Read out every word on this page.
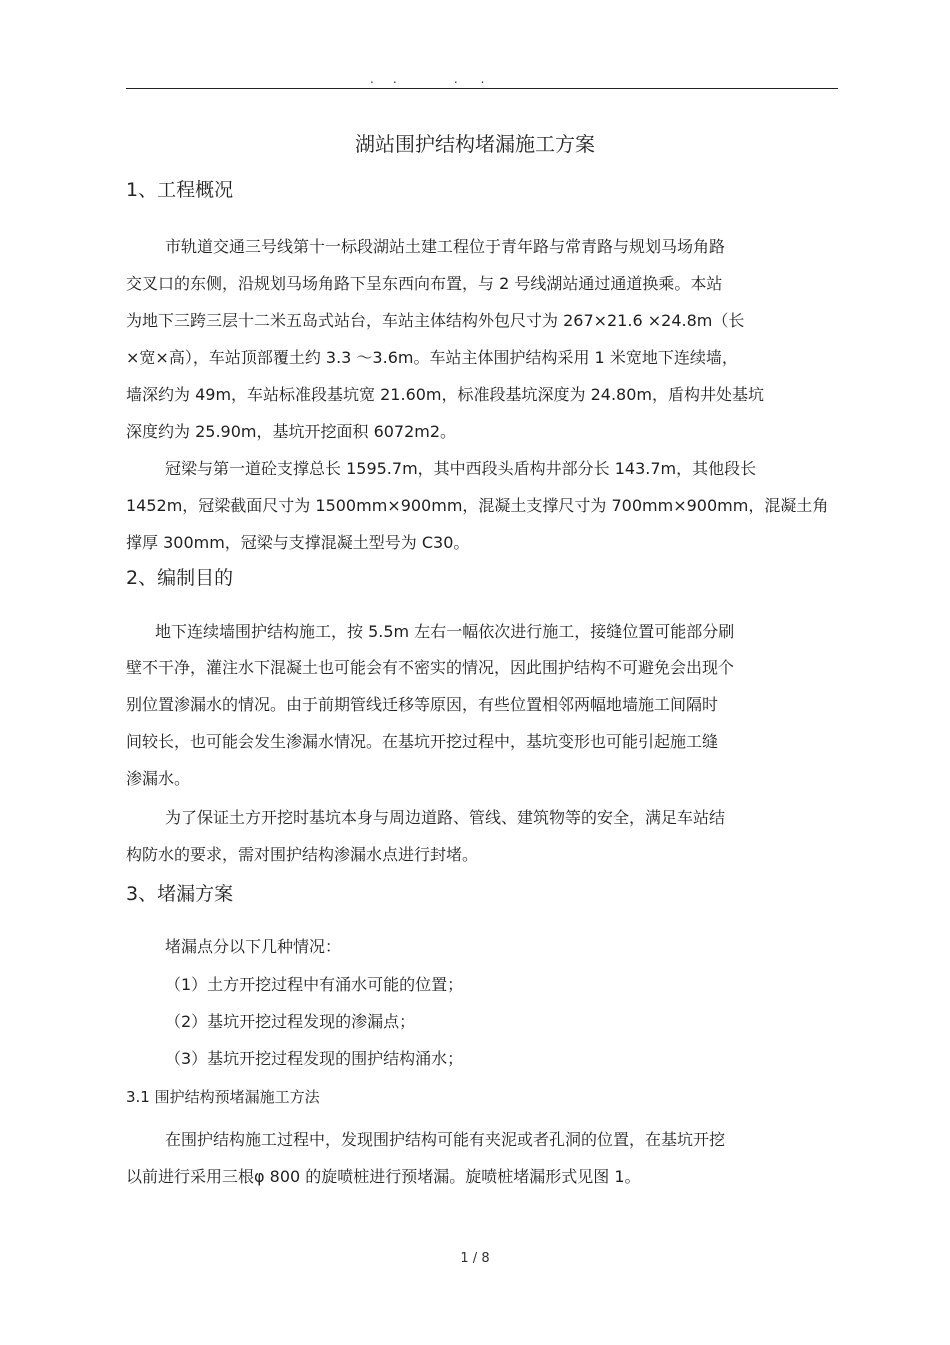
.     .               .      .
湖站围护结构堵漏施工方案
1、工程概况
市轨道交通三号线第十一标段湖站土建工程位于青年路与常青路与规划马场角路
交叉口的东侧，沿规划马场角路下呈东西向布置，与 2 号线湖站通过通道换乘。本站
为地下三跨三层十二米五岛式站台，车站主体结构外包尺寸为 267×21.6 ×24.8m（长
×宽×高），车站顶部覆土约 3.3 ～3.6m。车站主体围护结构采用 1 米宽地下连续墙，
墙深约为 49m，车站标准段基坑宽 21.60m，标准段基坑深度为 24.80m，盾构井处基坑
深度约为 25.90m，基坑开挖面积 6072m2。
冠梁与第一道砼支撑总长 1595.7m，其中西段头盾构井部分长 143.7m，其他段长
1452m，冠梁截面尺寸为 1500mm×900mm，混凝土支撑尺寸为 700mm×900mm，混凝土角
撑厚 300mm，冠梁与支撑混凝土型号为 C30。
2、编制目的
地下连续墙围护结构施工，按 5.5m 左右一幅依次进行施工，接缝位置可能部分刷
壁不干净，灌注水下混凝土也可能会有不密实的情况，因此围护结构不可避免会出现个
别位置渗漏水的情况。由于前期管线迁移等原因，有些位置相邻两幅地墙施工间隔时
间较长，也可能会发生渗漏水情况。在基坑开挖过程中，基坑变形也可能引起施工缝
渗漏水。
为了保证土方开挖时基坑本身与周边道路、管线、建筑物等的安全，满足车站结
构防水的要求，需对围护结构渗漏水点进行封堵。
3、堵漏方案
堵漏点分以下几种情况：
（1）土方开挖过程中有涌水可能的位置；
（2）基坑开挖过程发现的渗漏点；
（3）基坑开挖过程发现的围护结构涌水；
3.1 围护结构预堵漏施工方法
在围护结构施工过程中，发现围护结构可能有夹泥或者孔洞的位置，在基坑开挖
以前进行采用三根φ 800 的旋喷桩进行预堵漏。旋喷桩堵漏形式见图 1。
1 / 8
